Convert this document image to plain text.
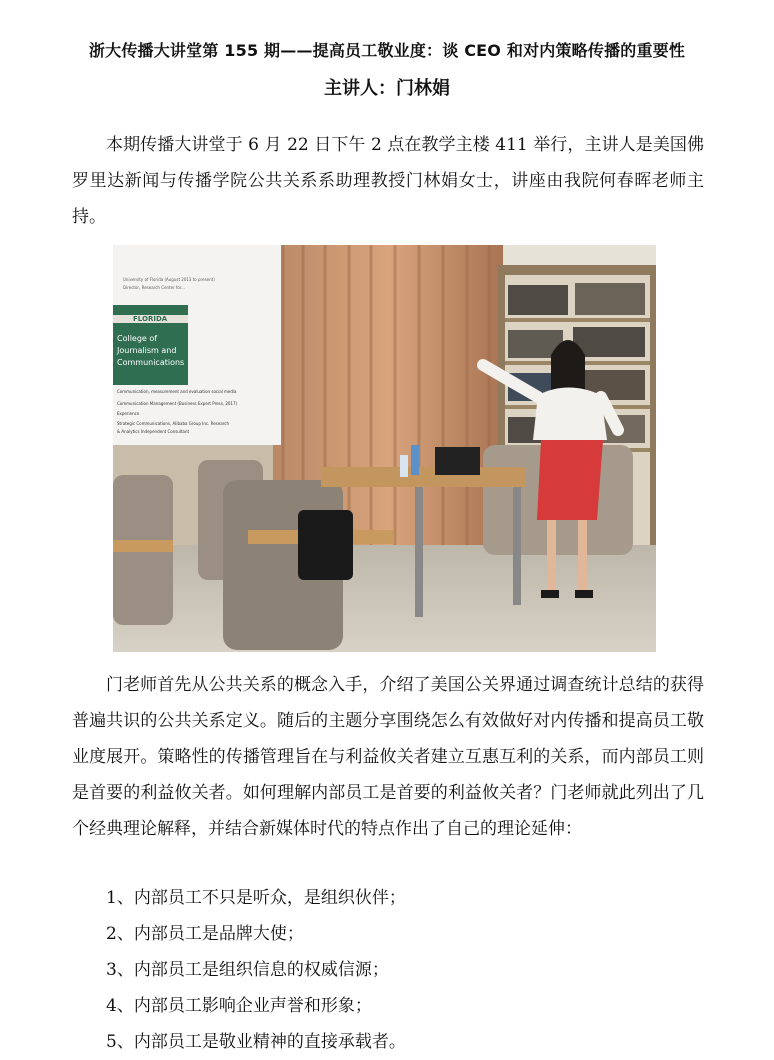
浙大传播大讲堂第 155 期——提高员工敬业度：谈 CEO 和对内策略传播的重要性
主讲人：门林娟

本期传播大讲堂于 6 月 22 日下午 2 点在教学主楼 411 举行，主讲人是美国佛罗里达新闻与传播学院公共关系系助理教授门林娟女士，讲座由我院何春晖老师主持。

University of Florida (August 2013 to present)
Director, Research Center for...
FLORIDA
College of
Journalism and
Communications
Communication, measurement and evaluation social media
Communication Management (Business Expert Press, 2017)
Experience
Strategic Communications, Alibaba Group Inc. Research
& Analytics Independent Consultant

门老师首先从公共关系的概念入手，介绍了美国公关界通过调查统计总结的获得普遍共识的公共关系定义。随后的主题分享围绕怎么有效做好对内传播和提高员工敬业度展开。策略性的传播管理旨在与利益攸关者建立互惠互利的关系，而内部员工则是首要的利益攸关者。如何理解内部员工是首要的利益攸关者？门老师就此列出了几个经典理论解释，并结合新媒体时代的特点作出了自己的理论延伸：

1、内部员工不只是听众，是组织伙伴；
2、内部员工是品牌大使；
3、内部员工是组织信息的权威信源；
4、内部员工影响企业声誉和形象；
5、内部员工是敬业精神的直接承载者。
